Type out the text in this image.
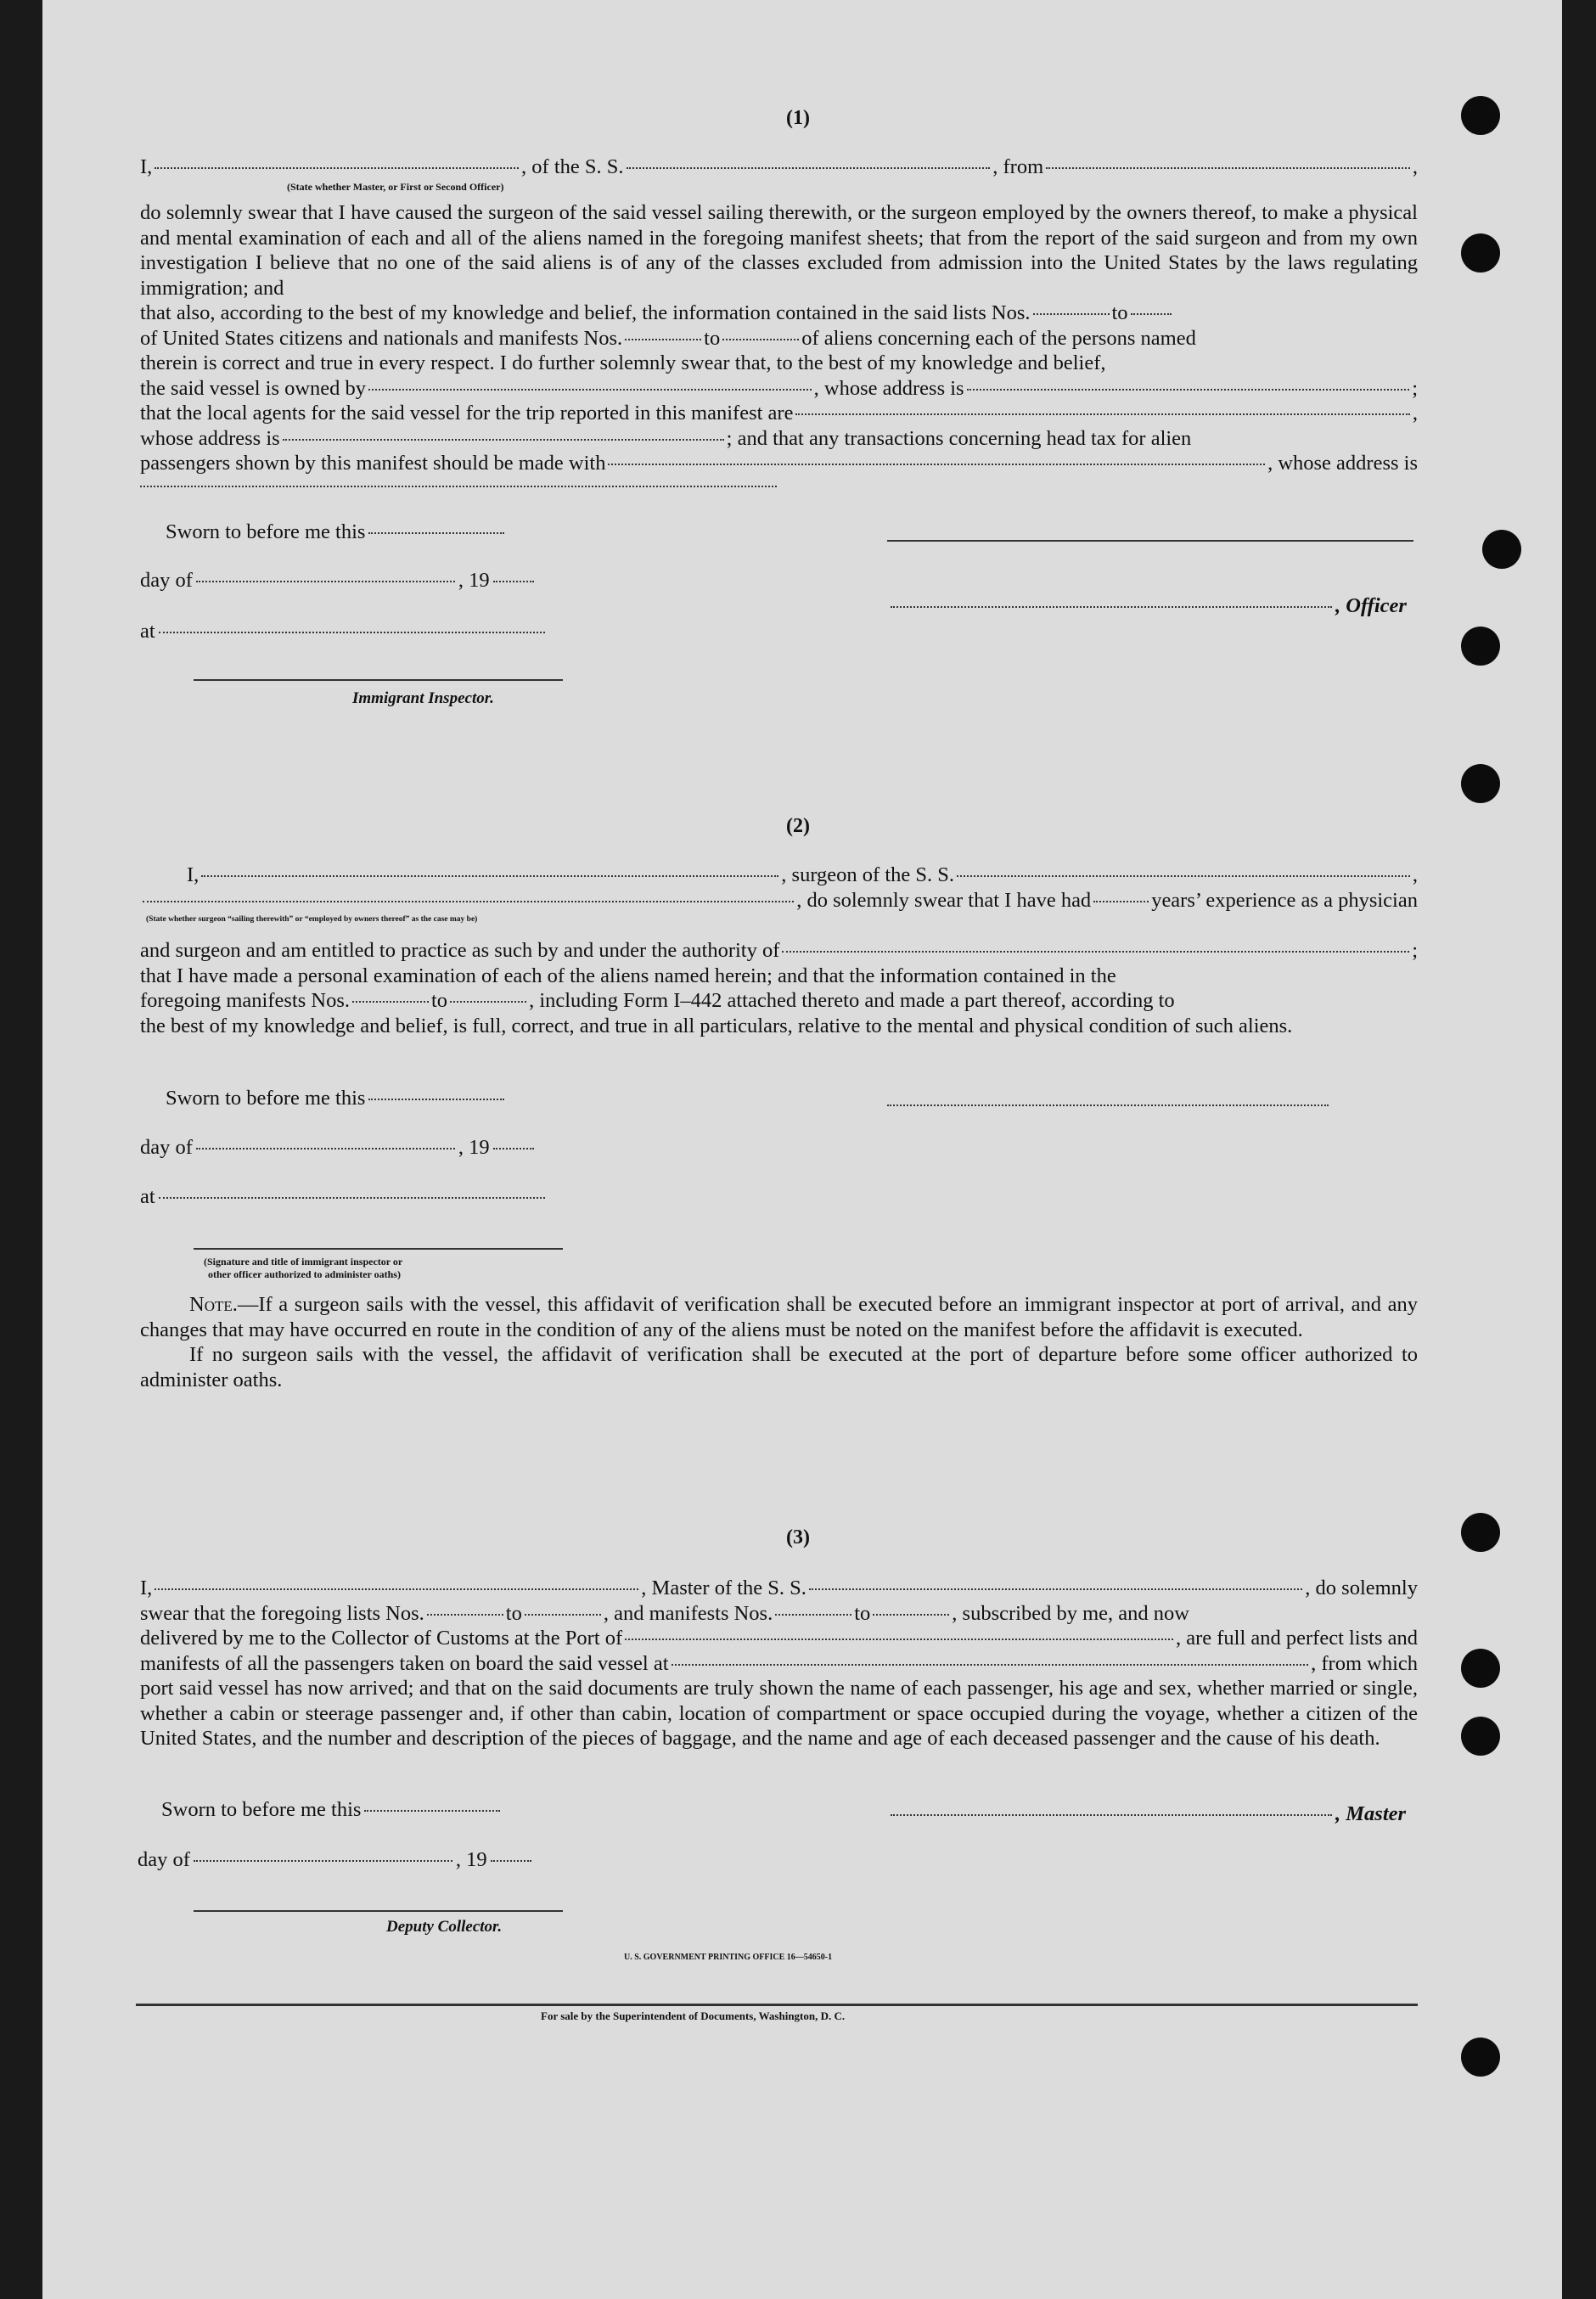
(1)
I,	, of the S. S.	, from	,
(State whether Master, or First or Second Officer)

do solemnly swear that I have caused the surgeon of the said vessel sailing therewith, or the surgeon employed by the owners thereof, to make a physical and mental examination of each and all of the aliens named in the foregoing manifest sheets; that from the report of the said surgeon and from my own investigation I believe that no one of the said aliens is of any of the classes excluded from admission into the United States by the laws regulating immigration; and

that also, according to the best of my knowledge and belief, the information contained in the said lists Nos.	to
of United States citizens and nationals and manifests Nos.	to	of aliens concerning each of the persons named

therein is correct and true in every respect. I do further solemnly swear that, to the best of my knowledge and belief,

the said vessel is owned by	, whose address is	;
that the local agents for the said vessel for the trip reported in this manifest are	,
whose address is	; and that any transactions concerning head tax for alien
passengers shown by this manifest should be made with	, whose address is
Sworn to before me this
day of	, 19
, Officer
at
Immigrant Inspector.
(2)
I,	, surgeon of the S. S.	,
, do solemnly swear that I have had	years’ experience as a physician
(State whether surgeon “sailing therewith” or “employed by owners thereof” as the case may be)
and surgeon and am entitled to practice as such by and under the authority of	;

that I have made a personal examination of each of the aliens named herein; and that the information contained in the

foregoing manifests Nos.	to	, including Form I–442 attached thereto and made a part thereof, according to

the best of my knowledge and belief, is full, correct, and true in all particulars, relative to the mental and physical condition of such aliens.

Sworn to before me this
day of	, 19
at
(Signature and title of immigrant inspector or
other officer authorized to administer oaths)

Note.—If a surgeon sails with the vessel, this affidavit of verification shall be executed before an immigrant inspector at port of arrival, and any changes that may have occurred en route in the condition of any of the aliens must be noted on the manifest before the affidavit is executed.

If no surgeon sails with the vessel, the affidavit of verification shall be executed at the port of departure before some officer authorized to administer oaths.

(3)
I,	, Master of the S. S.	, do solemnly
swear that the foregoing lists Nos.	to	, and manifests Nos.	to	, subscribed by me, and now
delivered by me to the Collector of Customs at the Port of	, are full and perfect lists and
manifests of all the passengers taken on board the said vessel at	, from which

port said vessel has now arrived; and that on the said documents are truly shown the name of each passenger, his age and sex, whether married or single, whether a cabin or steerage passenger and, if other than cabin, location of compartment or space occupied during the voyage, whether a citizen of the United States, and the number and description of the pieces of baggage, and the name and age of each deceased passenger and the cause of his death.

Sworn to before me this	, Master
day of	, 19
Deputy Collector.
U. S. GOVERNMENT PRINTING OFFICE 16—54650-1
For sale by the Superintendent of Documents, Washington, D. C.
